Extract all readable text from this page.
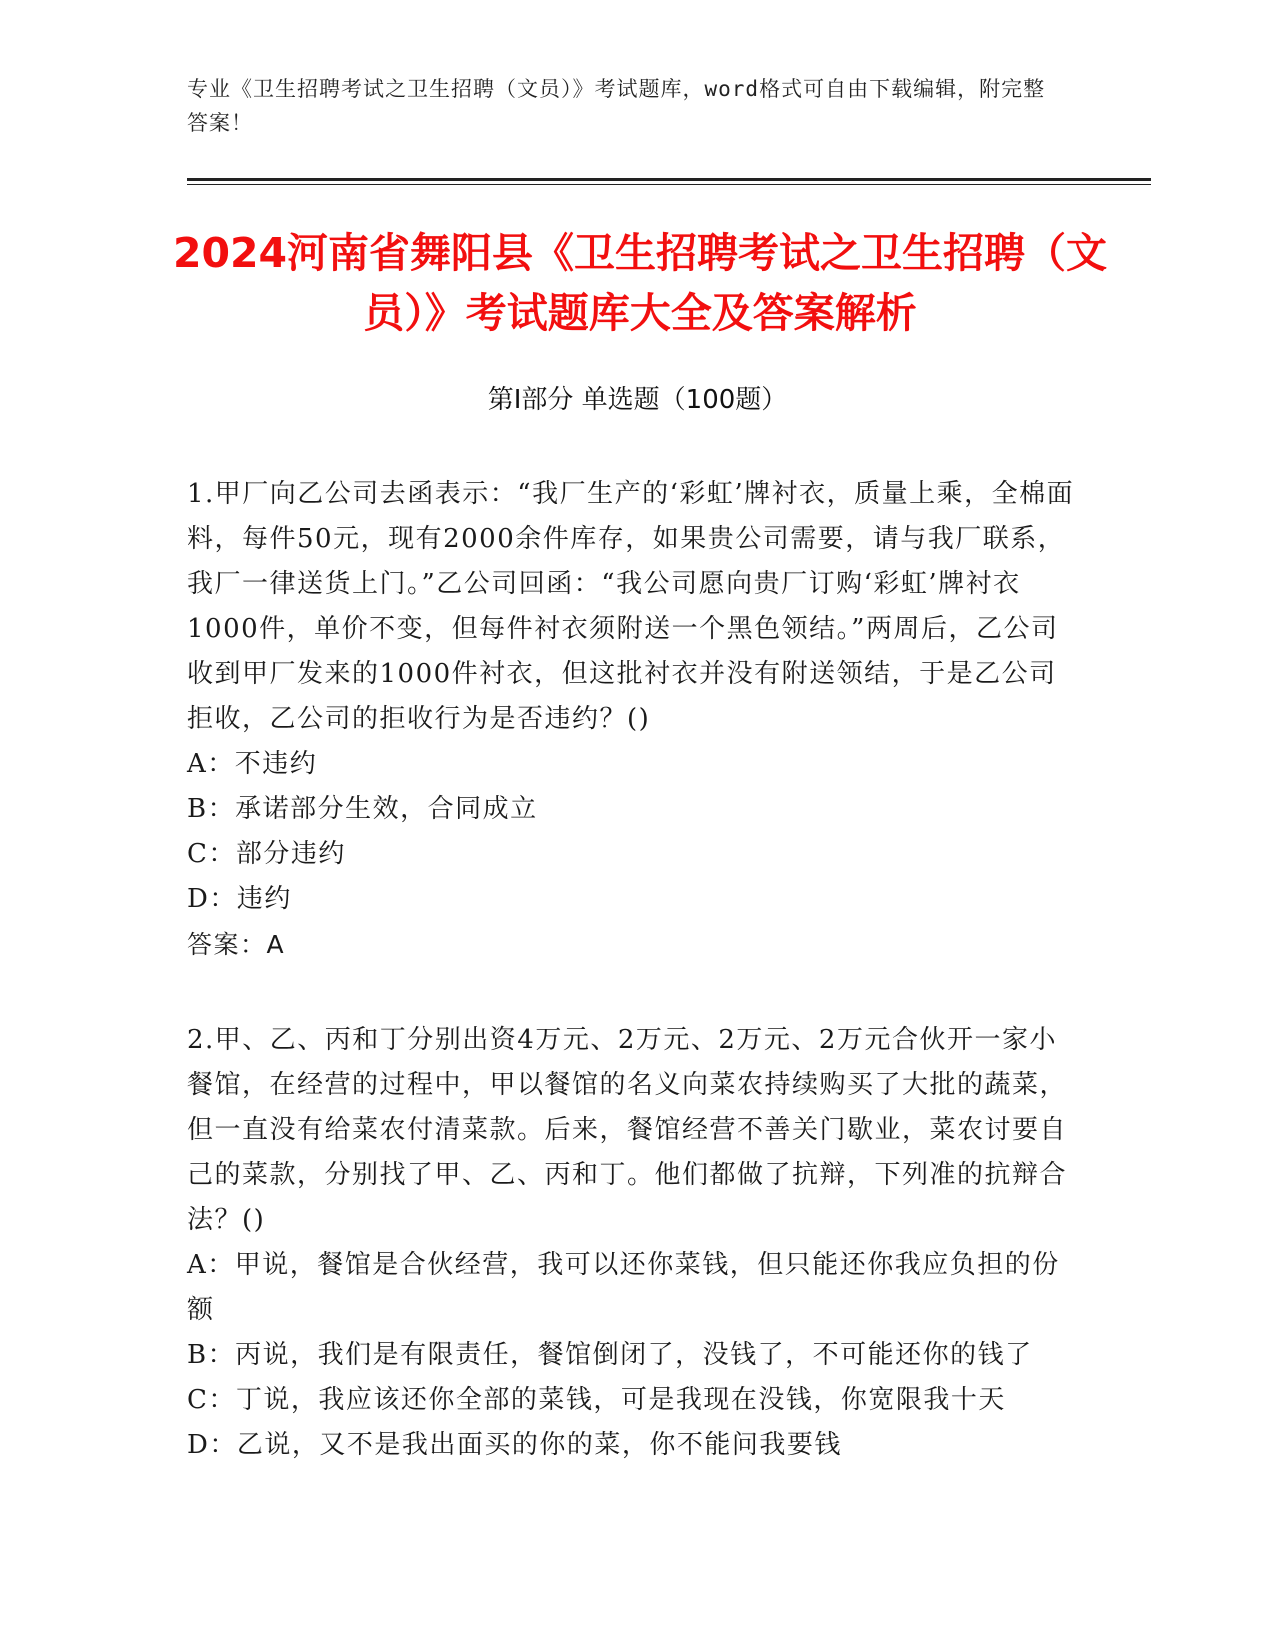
专业《卫生招聘考试之卫生招聘（文员）》考试题库，word格式可自由下载编辑，附完整答案！
2024河南省舞阳县《卫生招聘考试之卫生招聘（文员）》考试题库大全及答案解析
第I部分 单选题（100题）

1.甲厂向乙公司去函表示：“我厂生产的‘彩虹’牌衬衣，质量上乘，全棉面料，每件50元，现有2000余件库存，如果贵公司需要，请与我厂联系，我厂一律送货上门。”乙公司回函：“我公司愿向贵厂订购‘彩虹’牌衬衣1000件，单价不变，但每件衬衣须附送一个黑色领结。”两周后，乙公司收到甲厂发来的1000件衬衣，但这批衬衣并没有附送领结，于是乙公司拒收，乙公司的拒收行为是否违约？()

A：不违约

B：承诺部分生效，合同成立

C：部分违约

D：违约

答案：A

2.甲、乙、丙和丁分别出资4万元、2万元、2万元、2万元合伙开一家小餐馆，在经营的过程中，甲以餐馆的名义向菜农持续购买了大批的蔬菜，但一直没有给菜农付清菜款。后来，餐馆经营不善关门歇业，菜农讨要自己的菜款，分别找了甲、乙、丙和丁。他们都做了抗辩，下列准的抗辩合法？()

A：甲说，餐馆是合伙经营，我可以还你菜钱，但只能还你我应负担的份额

B：丙说，我们是有限责任，餐馆倒闭了，没钱了，不可能还你的钱了

C：丁说，我应该还你全部的菜钱，可是我现在没钱，你宽限我十天

D：乙说，又不是我出面买的你的菜，你不能问我要钱
